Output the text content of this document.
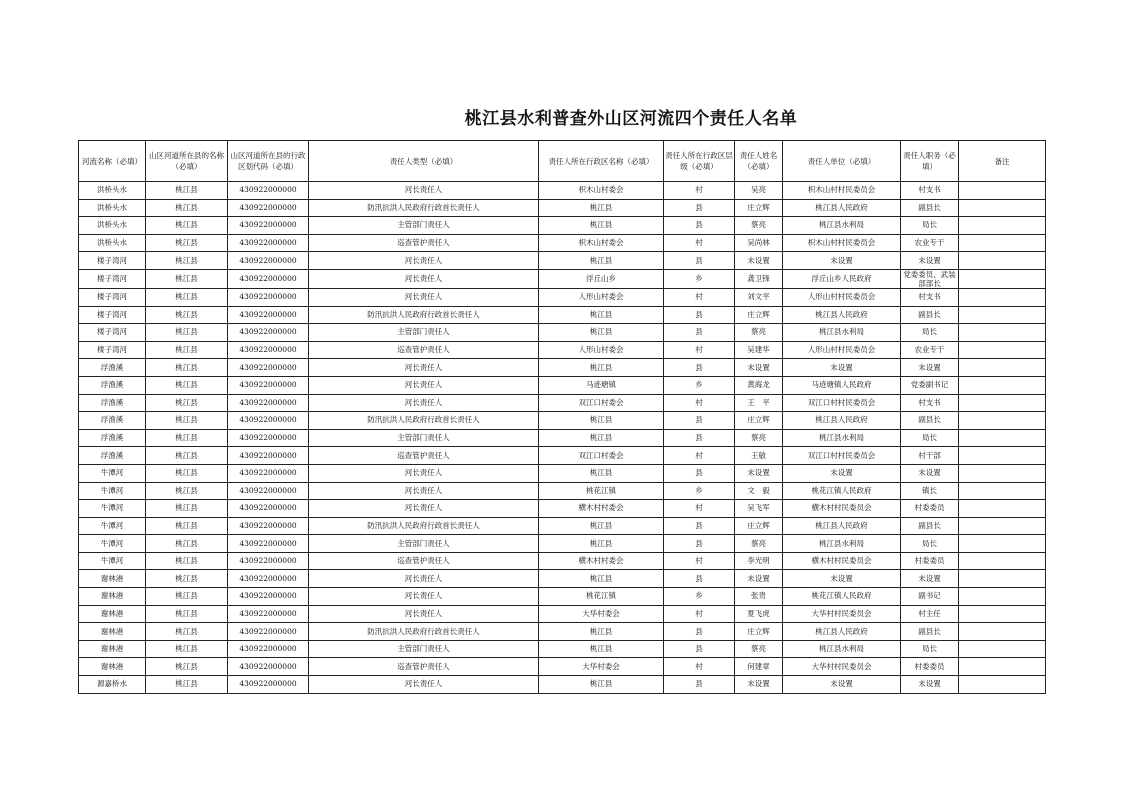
桃江县水利普查外山区河流四个责任人名单
河流名称（必填）	山区河道所在县的名称（必填）	山区河道所在县的行政区划代码（必填）	责任人类型（必填）	责任人所在行政区名称（必填）	责任人所在行政区层级（必填）	责任人姓名（必填）	责任人单位（必填）	责任人职务（必填）	备注
洪桥头水	桃江县	430922000000	河长责任人	枳木山村委会	村	吴亮	枳木山村村民委员会	村支书	
洪桥头水	桃江县	430922000000	防汛抗洪人民政府行政首长责任人	桃江县	县	庄立辉	桃江县人民政府	副县长	
洪桥头水	桃江县	430922000000	主管部门责任人	桃江县	县	蔡亮	桃江县水利局	局长	
洪桥头水	桃江县	430922000000	巡查管护责任人	枳木山村委会	村	吴尚林	枳木山村村民委员会	农业专干	
楼子湾河	桃江县	430922000000	河长责任人	桃江县	县	未设置	未设置	未设置	
楼子湾河	桃江县	430922000000	河长责任人	浮丘山乡	乡	龚卫锋	浮丘山乡人民政府	党委委员、武装部部长	
楼子湾河	桃江县	430922000000	河长责任人	人形山村委会	村	刘文平	人形山村村民委员会	村支书	
楼子湾河	桃江县	430922000000	防汛抗洪人民政府行政首长责任人	桃江县	县	庄立辉	桃江县人民政府	副县长	
楼子湾河	桃江县	430922000000	主管部门责任人	桃江县	县	蔡亮	桃江县水利局	局长	
楼子湾河	桃江县	430922000000	巡查管护责任人	人形山村委会	村	吴建华	人形山村村民委员会	农业专干	
浮渔溪	桃江县	430922000000	河长责任人	桃江县	县	未设置	未设置	未设置	
浮渔溪	桃江县	430922000000	河长责任人	马迹塘镇	乡	黄海龙	马迹塘镇人民政府	党委副书记	
浮渔溪	桃江县	430922000000	河长责任人	双江口村委会	村	王　平	双江口村村民委员会	村支书	
浮渔溪	桃江县	430922000000	防汛抗洪人民政府行政首长责任人	桃江县	县	庄立辉	桃江县人民政府	副县长	
浮渔溪	桃江县	430922000000	主管部门责任人	桃江县	县	蔡亮	桃江县水利局	局长	
浮渔溪	桃江县	430922000000	巡查管护责任人	双江口村委会	村	王敏	双江口村村民委员会	村干部	
牛潭河	桃江县	430922000000	河长责任人	桃江县	县	未设置	未设置	未设置	
牛潭河	桃江县	430922000000	河长责任人	桃花江镇	乡	文　毅	桃花江镇人民政府	镇长	
牛潭河	桃江县	430922000000	河长责任人	横木村村委会	村	吴飞军	横木村村民委员会	村委委员	
牛潭河	桃江县	430922000000	防汛抗洪人民政府行政首长责任人	桃江县	县	庄立辉	桃江县人民政府	副县长	
牛潭河	桃江县	430922000000	主管部门责任人	桃江县	县	蔡亮	桃江县水利局	局长	
牛潭河	桃江县	430922000000	巡查管护责任人	横木村村委会	村	李光明	横木村村民委员会	村委委员	
谢林港	桃江县	430922000000	河长责任人	桃江县	县	未设置	未设置	未设置	
谢林港	桃江县	430922000000	河长责任人	桃花江镇	乡	张贵	桃花江镇人民政府	副书记	
谢林港	桃江县	430922000000	河长责任人	大华村委会	村	夏飞虎	大华村村民委员会	村主任	
谢林港	桃江县	430922000000	防汛抗洪人民政府行政首长责任人	桃江县	县	庄立辉	桃江县人民政府	副县长	
谢林港	桃江县	430922000000	主管部门责任人	桃江县	县	蔡亮	桃江县水利局	局长	
谢林港	桃江县	430922000000	巡查管护责任人	大华村委会	村	何建章	大华村村民委员会	村委委员	
源嘉桥水	桃江县	430922000000	河长责任人	桃江县	县	未设置	未设置	未设置	
